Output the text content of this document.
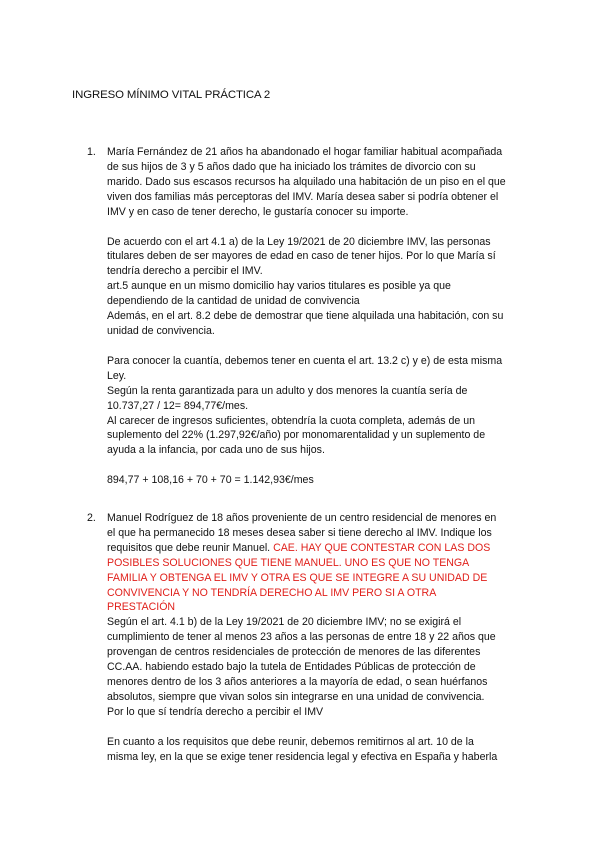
INGRESO MÍNIMO VITAL PRÁCTICA 2
1.	María Fernández de 21 años ha abandonado el hogar familiar habitual acompañada
de sus hijos de 3 y 5 años dado que ha iniciado los trámites de divorcio con su
marido. Dado sus escasos recursos ha alquilado una habitación de un piso en el que
viven dos familias más perceptoras del IMV. María desea saber si podría obtener el
IMV y en caso de tener derecho, le gustaría conocer su importe.

De acuerdo con el art 4.1 a) de la Ley 19/2021 de 20 diciembre IMV, las personas
titulares deben de ser mayores de edad en caso de tener hijos. Por lo que María sí
tendría derecho a percibir el IMV.
art.5 aunque en un mismo domicilio hay varios titulares es posible ya que
dependiendo de la cantidad de unidad de convivencia
Además, en el art. 8.2 debe de demostrar que tiene alquilada una habitación, con su
unidad de convivencia.

Para conocer la cuantía, debemos tener en cuenta el art. 13.2 c) y e) de esta misma
Ley.
Según la renta garantizada para un adulto y dos menores la cuantía sería de
10.737,27 / 12= 894,77€/mes.
Al carecer de ingresos suficientes, obtendría la cuota completa, además de un
suplemento del 22% (1.297,92€/año) por monomarentalidad y un suplemento de
ayuda a la infancia, por cada uno de sus hijos.

894,77 + 108,16 + 70 + 70 = 1.142,93€/mes

2.	Manuel Rodríguez de 18 años proveniente de un centro residencial de menores en
el que ha permanecido 18 meses desea saber si tiene derecho al IMV. Indique los
requisitos que debe reunir Manuel. CAE. HAY QUE CONTESTAR CON LAS DOS
POSIBLES SOLUCIONES QUE TIENE MANUEL. UNO ES QUE NO TENGA
FAMILIA Y OBTENGA EL IMV Y OTRA ES QUE SE INTEGRE A SU UNIDAD DE
CONVIVENCIA Y NO TENDRÍA DERECHO AL IMV PERO SI A OTRA
PRESTACIÓN
Según el art. 4.1 b) de la Ley 19/2021 de 20 diciembre IMV; no se exigirá el
cumplimiento de tener al menos 23 años a las personas de entre 18 y 22 años que
provengan de centros residenciales de protección de menores de las diferentes
CC.AA. habiendo estado bajo la tutela de Entidades Públicas de protección de
menores dentro de los 3 años anteriores a la mayoría de edad, o sean huérfanos
absolutos, siempre que vivan solos sin integrarse en una unidad de convivencia.
Por lo que sí tendría derecho a percibir el IMV

En cuanto a los requisitos que debe reunir, debemos remitirnos al art. 10 de la
misma ley, en la que se exige tener residencia legal y efectiva en España y haberla
